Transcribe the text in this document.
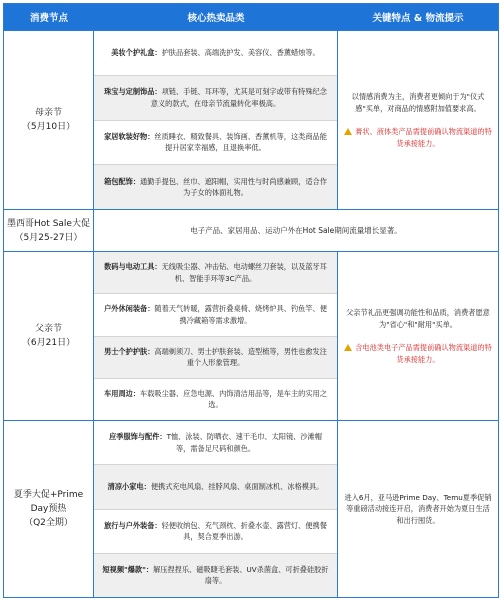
消费节点	核心热卖品类	关键特点 & 物流提示
母亲节
（5月10日）
美妆个护礼盒：护肤品套装、高端洗护发、美容仪、香薰蜡烛等。
珠宝与定制饰品：项链、手链、耳环等，尤其是可刻字或带有特殊纪念意义的款式，在母亲节流量转化率极高。
家居软装好物：丝质睡衣、精致餐具、装饰画、香薰机等，这类商品能提升居家幸福感，且退换率低。
箱包配饰：通勤手提包、丝巾、遮阳帽，实用性与时尚感兼顾，适合作为子女的体面礼物。
以情感消费为主，消费者更倾向于为"仪式感"买单，对商品的情感附加值要求高。
膏状、液体类产品需提前确认物流渠道的特货承接能力。
墨西哥Hot Sale大促
（5月25-27日）
电子产品、家居用品、运动户外在Hot Sale期间流量增长显著。
父亲节
（6月21日）
数码与电动工具：无线吸尘器、冲击钻、电动螺丝刀套装，以及蓝牙耳机、智能手环等3C产品。
户外休闲装备：随着天气转暖，露营折叠桌椅、烧烤炉具、钓鱼竿、便携冷藏箱等需求激增。
男士个护护肤：高端剃须刀、男士护肤套装、造型梳等，男性也愈发注重个人形象管理。
车用周边：车载吸尘器、应急电源、内饰清洁用品等，是车主的实用之选。
父亲节礼品更强调功能性和品质，消费者愿意为"省心"和"耐用"买单。
含电池类电子产品需提前确认物流渠道的特货承接能力。
夏季大促+Prime Day预热
（Q2全期）
应季服饰与配件：T恤、泳装、防晒衣、速干毛巾、太阳镜、沙滩帽等，需备足尺码和颜色。
清凉小家电：便携式充电风扇、挂脖风扇、桌面制冰机、冰格模具。
旅行与户外装备：轻便收纳包、充气颈枕、折叠水壶、露营灯、便携餐具，契合夏季出游。
短视频"爆款"：解压捏捏乐、磁吸睫毛套装、UV杀菌盒、可折叠硅胶折扇等。
进入6月，亚马逊Prime Day、Temu夏季促销等重磅活动接连开启，消费者开始为夏日生活和出行囤货。
